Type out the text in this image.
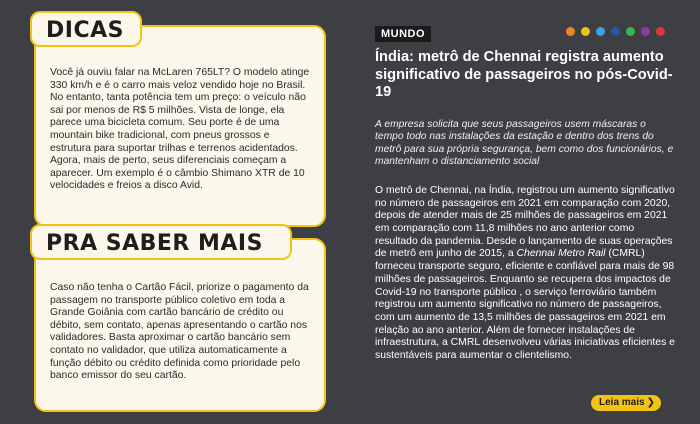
DICAS

Você já ouviu falar na McLaren 765LT? O modelo atinge 330 km/h e é o carro mais veloz vendido hoje no Brasil. No entanto, tanta potência tem um preço: o veículo não sai por menos de R$ 5 milhões. Vista de longe, ela parece uma bicicleta comum. Seu porte é de uma mountain bike tradicional, com pneus grossos e estrutura para suportar trilhas e terrenos acidentados. Agora, mais de perto, seus diferenciais começam a aparecer. Um exemplo é o câmbio Shimano XTR de 10 velocidades e freios a disco Avid.

PRA SABER MAIS

Caso não tenha o Cartão Fácil, priorize o pagamento da passagem no transporte público coletivo em toda a Grande Goiânia com cartão bancário de crédito ou débito, sem contato, apenas apresentando o cartão nos validadores. Basta aproximar o cartão bancário sem contato no validador, que utiliza automaticamente a função débito ou crédito definida como prioridade pelo banco emissor do seu cartão.

MUNDO
Índia: metrô de Chennai registra aumento significativo de passageiros no pós-Covid-19

A empresa solicita que seus passageiros usem máscaras o tempo todo nas instalações da estação e dentro dos trens do metrô para sua própria segurança, bem como dos funcionários, e mantenham o distanciamento social

O metrô de Chennai, na Índia, registrou um aumento significativo no número de passageiros em 2021 em comparação com 2020, depois de atender mais de 25 milhões de passageiros em 2021 em comparação com 11,8 milhões no ano anterior como resultado da pandemia. Desde o lançamento de suas operações de metrô em junho de 2015, a Chennai Metro Rail (CMRL) forneceu transporte seguro, eficiente e confiável para mais de 98 milhões de passageiros. Enquanto se recupera dos impactos de Covid-19 no transporte público , o serviço ferroviário também registrou um aumento significativo no número de passageiros, com um aumento de 13,5 milhões de passageiros em 2021 em relação ao ano anterior. Além de fornecer instalações de infraestrutura, a CMRL desenvolveu várias iniciativas eficientes e sustentáveis para aumentar o clientelismo.

Leia mais ❯
